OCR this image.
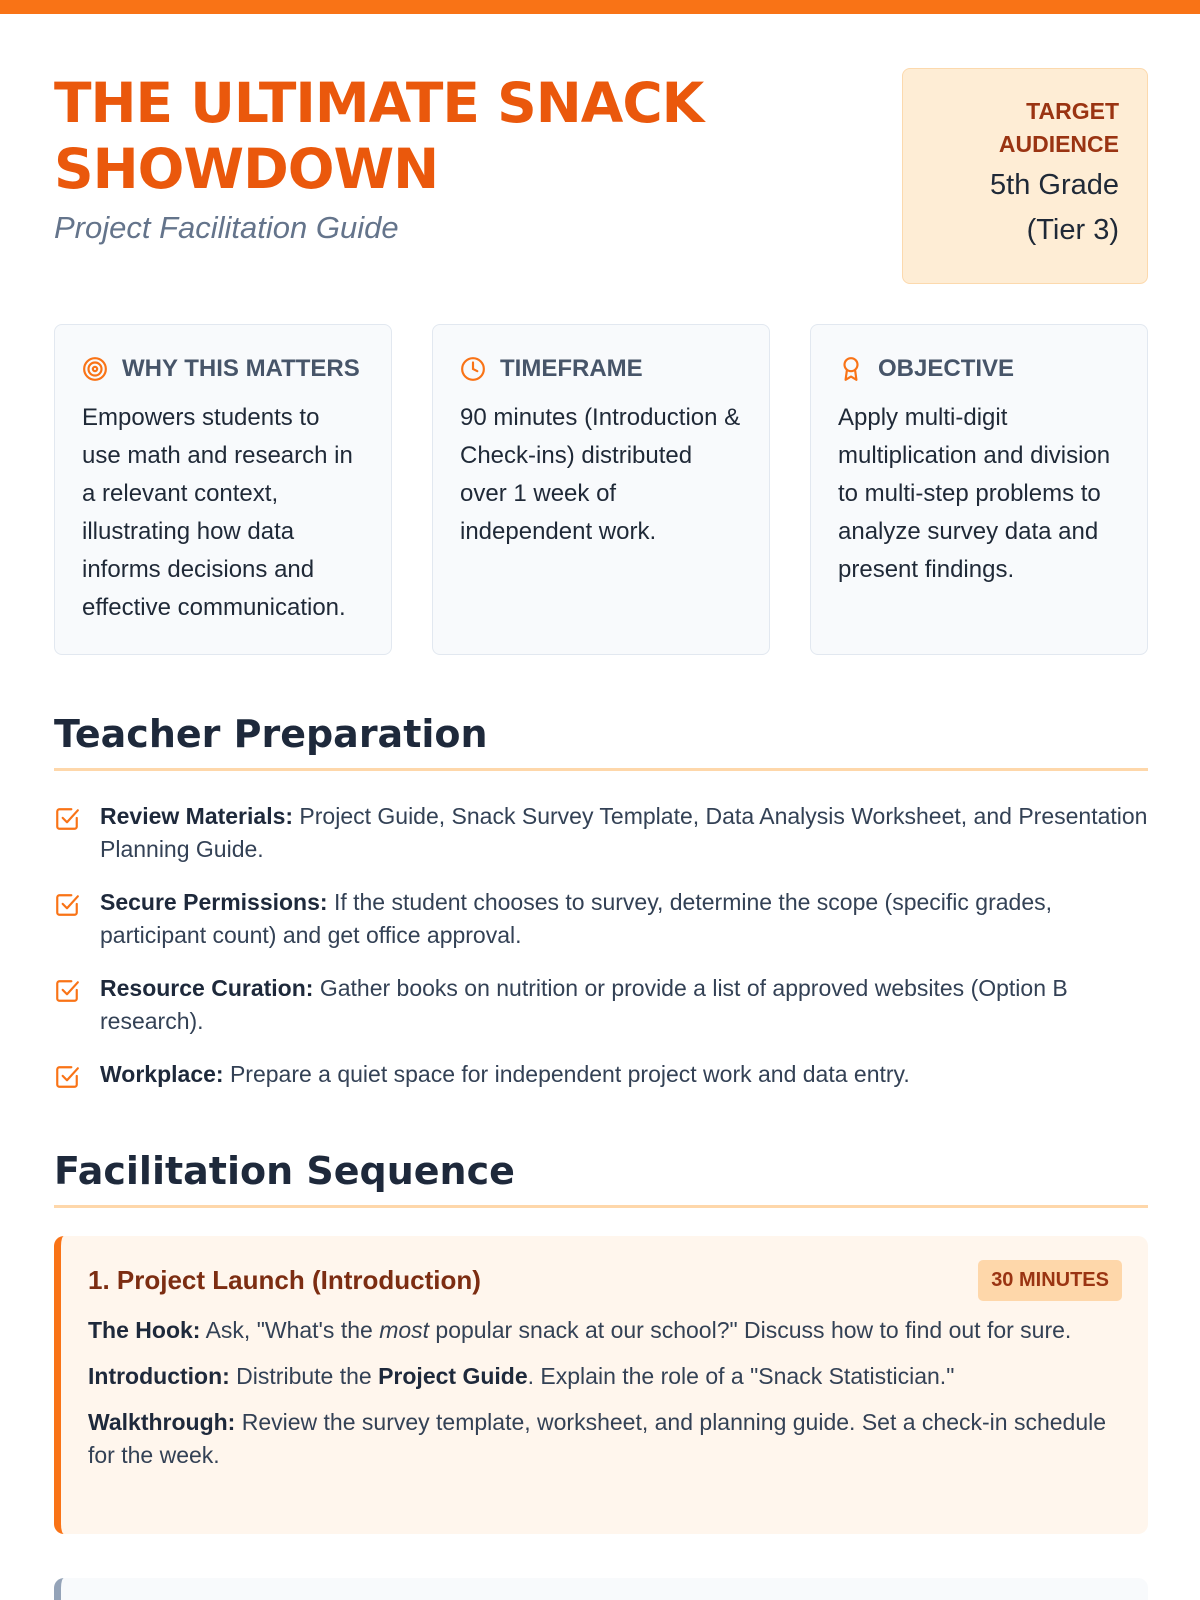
THE ULTIMATE SNACK SHOWDOWN
Project Facilitation Guide
TARGET AUDIENCE
5th Grade
(Tier 3)
WHY THIS MATTERS

Empowers students to use math and research in a relevant context, illustrating how data informs decisions and effective communication.

TIMEFRAME

90 minutes (Introduction & Check-ins) distributed over 1 week of independent work.

OBJECTIVE

Apply multi-digit multiplication and division to multi-step problems to analyze survey data and present findings.

Teacher Preparation

Review Materials: Project Guide, Snack Survey Template, Data Analysis Worksheet, and Presentation Planning Guide.

Secure Permissions: If the student chooses to survey, determine the scope (specific grades, participant count) and get office approval.

Resource Curation: Gather books on nutrition or provide a list of approved websites (Option B research).

Workplace: Prepare a quiet space for independent project work and data entry.

Facilitation Sequence
1. Project Launch (Introduction)	30 MINUTES

The Hook: Ask, "What's the most popular snack at our school?" Discuss how to find out for sure.

Introduction: Distribute the Project Guide. Explain the role of a "Snack Statistician."

Walkthrough: Review the survey template, worksheet, and planning guide. Set a check-in schedule for the week.
